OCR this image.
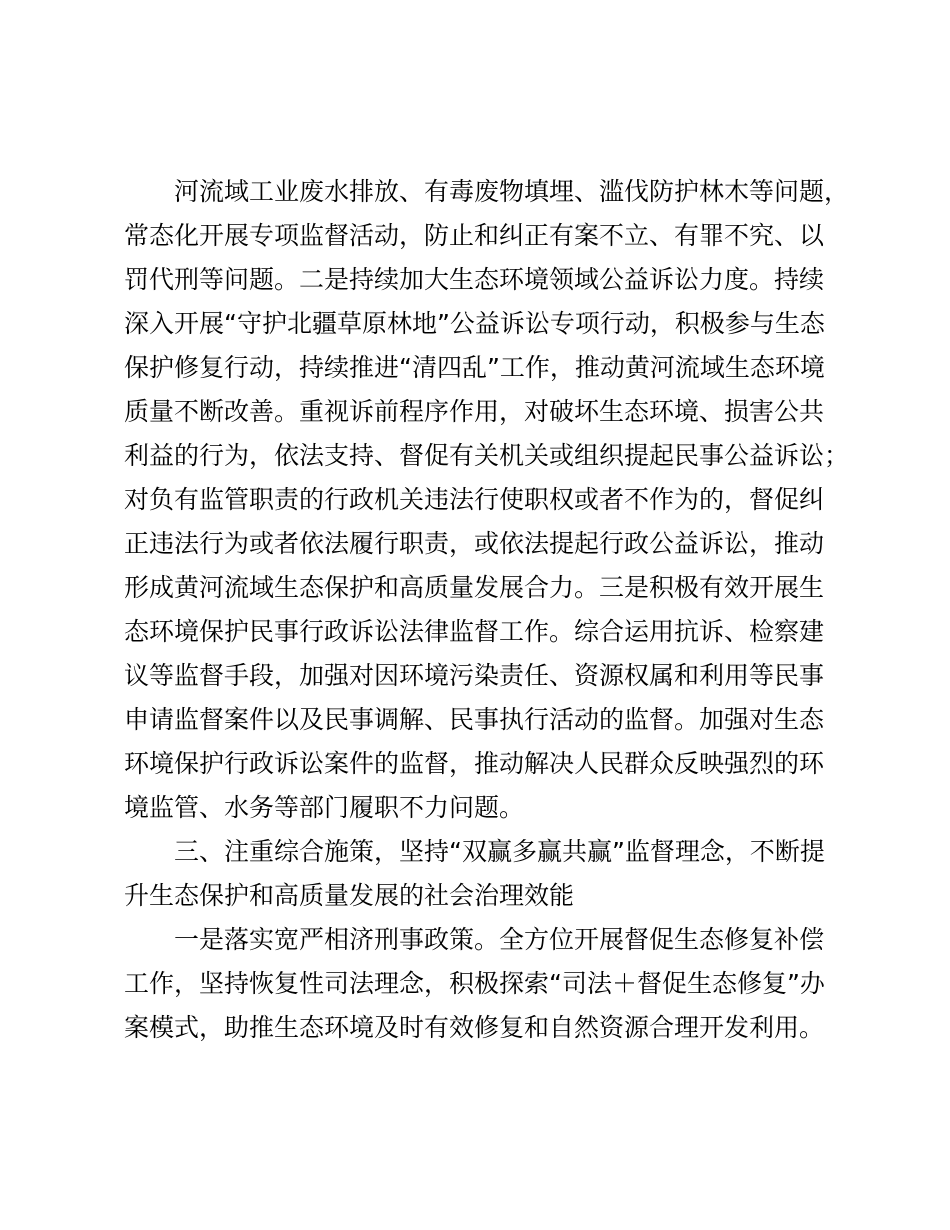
　　河流域工业废水排放、有毒废物填埋、滥伐防护林木等问题，
常态化开展专项监督活动，防止和纠正有案不立、有罪不究、以
罚代刑等问题。二是持续加大生态环境领域公益诉讼力度。持续
深入开展“守护北疆草原林地”公益诉讼专项行动，积极参与生态
保护修复行动，持续推进“清四乱”工作，推动黄河流域生态环境
质量不断改善。重视诉前程序作用，对破坏生态环境、损害公共
利益的行为，依法支持、督促有关机关或组织提起民事公益诉讼；
对负有监管职责的行政机关违法行使职权或者不作为的，督促纠
正违法行为或者依法履行职责，或依法提起行政公益诉讼，推动
形成黄河流域生态保护和高质量发展合力。三是积极有效开展生
态环境保护民事行政诉讼法律监督工作。综合运用抗诉、检察建
议等监督手段，加强对因环境污染责任、资源权属和利用等民事
申请监督案件以及民事调解、民事执行活动的监督。加强对生态
环境保护行政诉讼案件的监督，推动解决人民群众反映强烈的环
境监管、水务等部门履职不力问题。
　　三、注重综合施策，坚持“双赢多赢共赢”监督理念，不断提
升生态保护和高质量发展的社会治理效能
　　一是落实宽严相济刑事政策。全方位开展督促生态修复补偿
工作，坚持恢复性司法理念，积极探索“司法＋督促生态修复”办
案模式，助推生态环境及时有效修复和自然资源合理开发利用。
